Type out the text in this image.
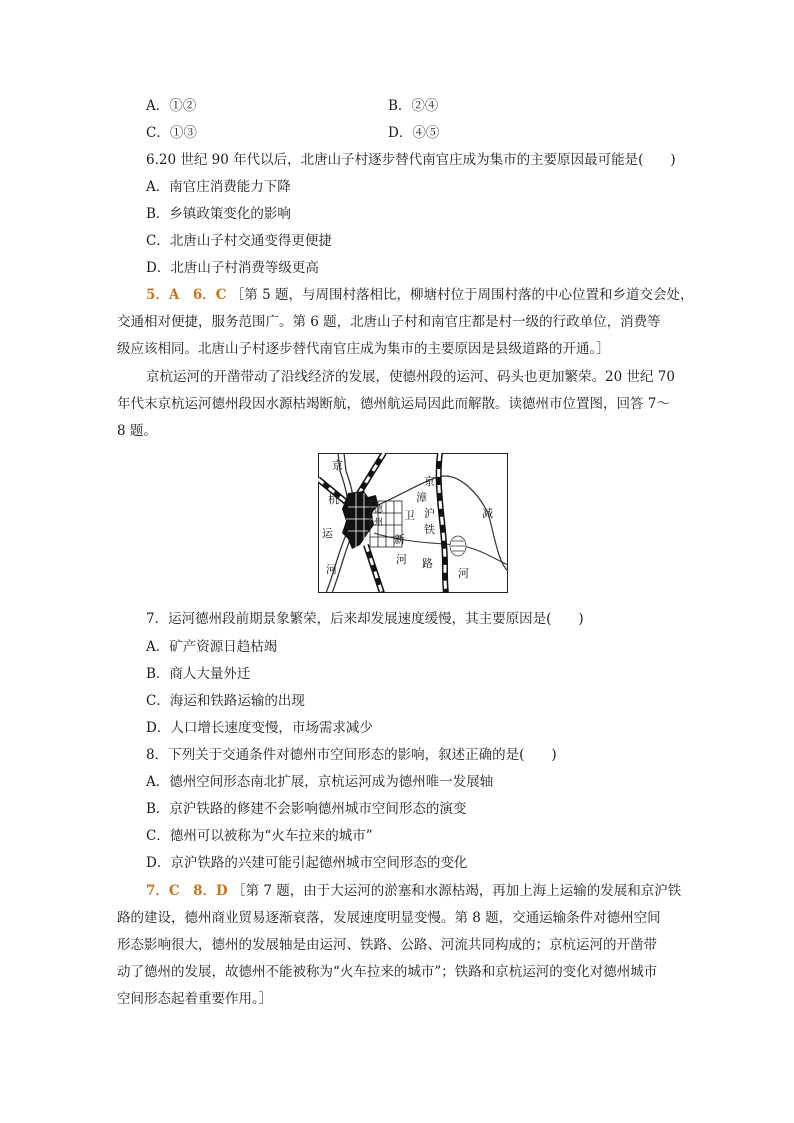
A．①②	B．②④
C．①③	D．④⑤
6.20 世纪 90 年代以后，北唐山子村逐步替代南官庄成为集市的主要原因最可能是(　　)
A．南官庄消费能力下降
B．乡镇政策变化的影响
C．北唐山子村交通变得更便捷
D．北唐山子村消费等级更高
5．A　6．C ［第 5 题，与周围村落相比，柳塘村位于周围村落的中心位置和乡道交会处，
交通相对便捷，服务范围广。第 6 题，北唐山子村和南官庄都是村一级的行政单位，消费等
级应该相同。北唐山子村逐步替代南官庄成为集市的主要原因是县级道路的开通。］
京杭运河的开凿带动了沿线经济的发展，使德州段的运河、码头也更加繁荣。20 世纪 70
年代末京杭运河德州段因水源枯竭断航，德州航运局因此而解散。读德州市位置图，回答 7～
8 题。
京
杭
运
河
德
州
漳
卫
新
河
京
沪
铁
路
减
河
7．运河德州段前期景象繁荣，后来却发展速度缓慢，其主要原因是(　　)
A．矿产资源日趋枯竭
B．商人大量外迁
C．海运和铁路运输的出现
D．人口增长速度变慢，市场需求减少
8．下列关于交通条件对德州市空间形态的影响，叙述正确的是(　　)
A．德州空间形态南北扩展，京杭运河成为德州唯一发展轴
B．京沪铁路的修建不会影响德州城市空间形态的演变
C．德州可以被称为“火车拉来的城市”
D．京沪铁路的兴建可能引起德州城市空间形态的变化
7．C　8．D ［第 7 题，由于大运河的淤塞和水源枯竭，再加上海上运输的发展和京沪铁
路的建设，德州商业贸易逐渐衰落，发展速度明显变慢。第 8 题，交通运输条件对德州空间
形态影响很大，德州的发展轴是由运河、铁路、公路、河流共同构成的；京杭运河的开凿带
动了德州的发展，故德州不能被称为“火车拉来的城市”；铁路和京杭运河的变化对德州城市
空间形态起着重要作用。］
